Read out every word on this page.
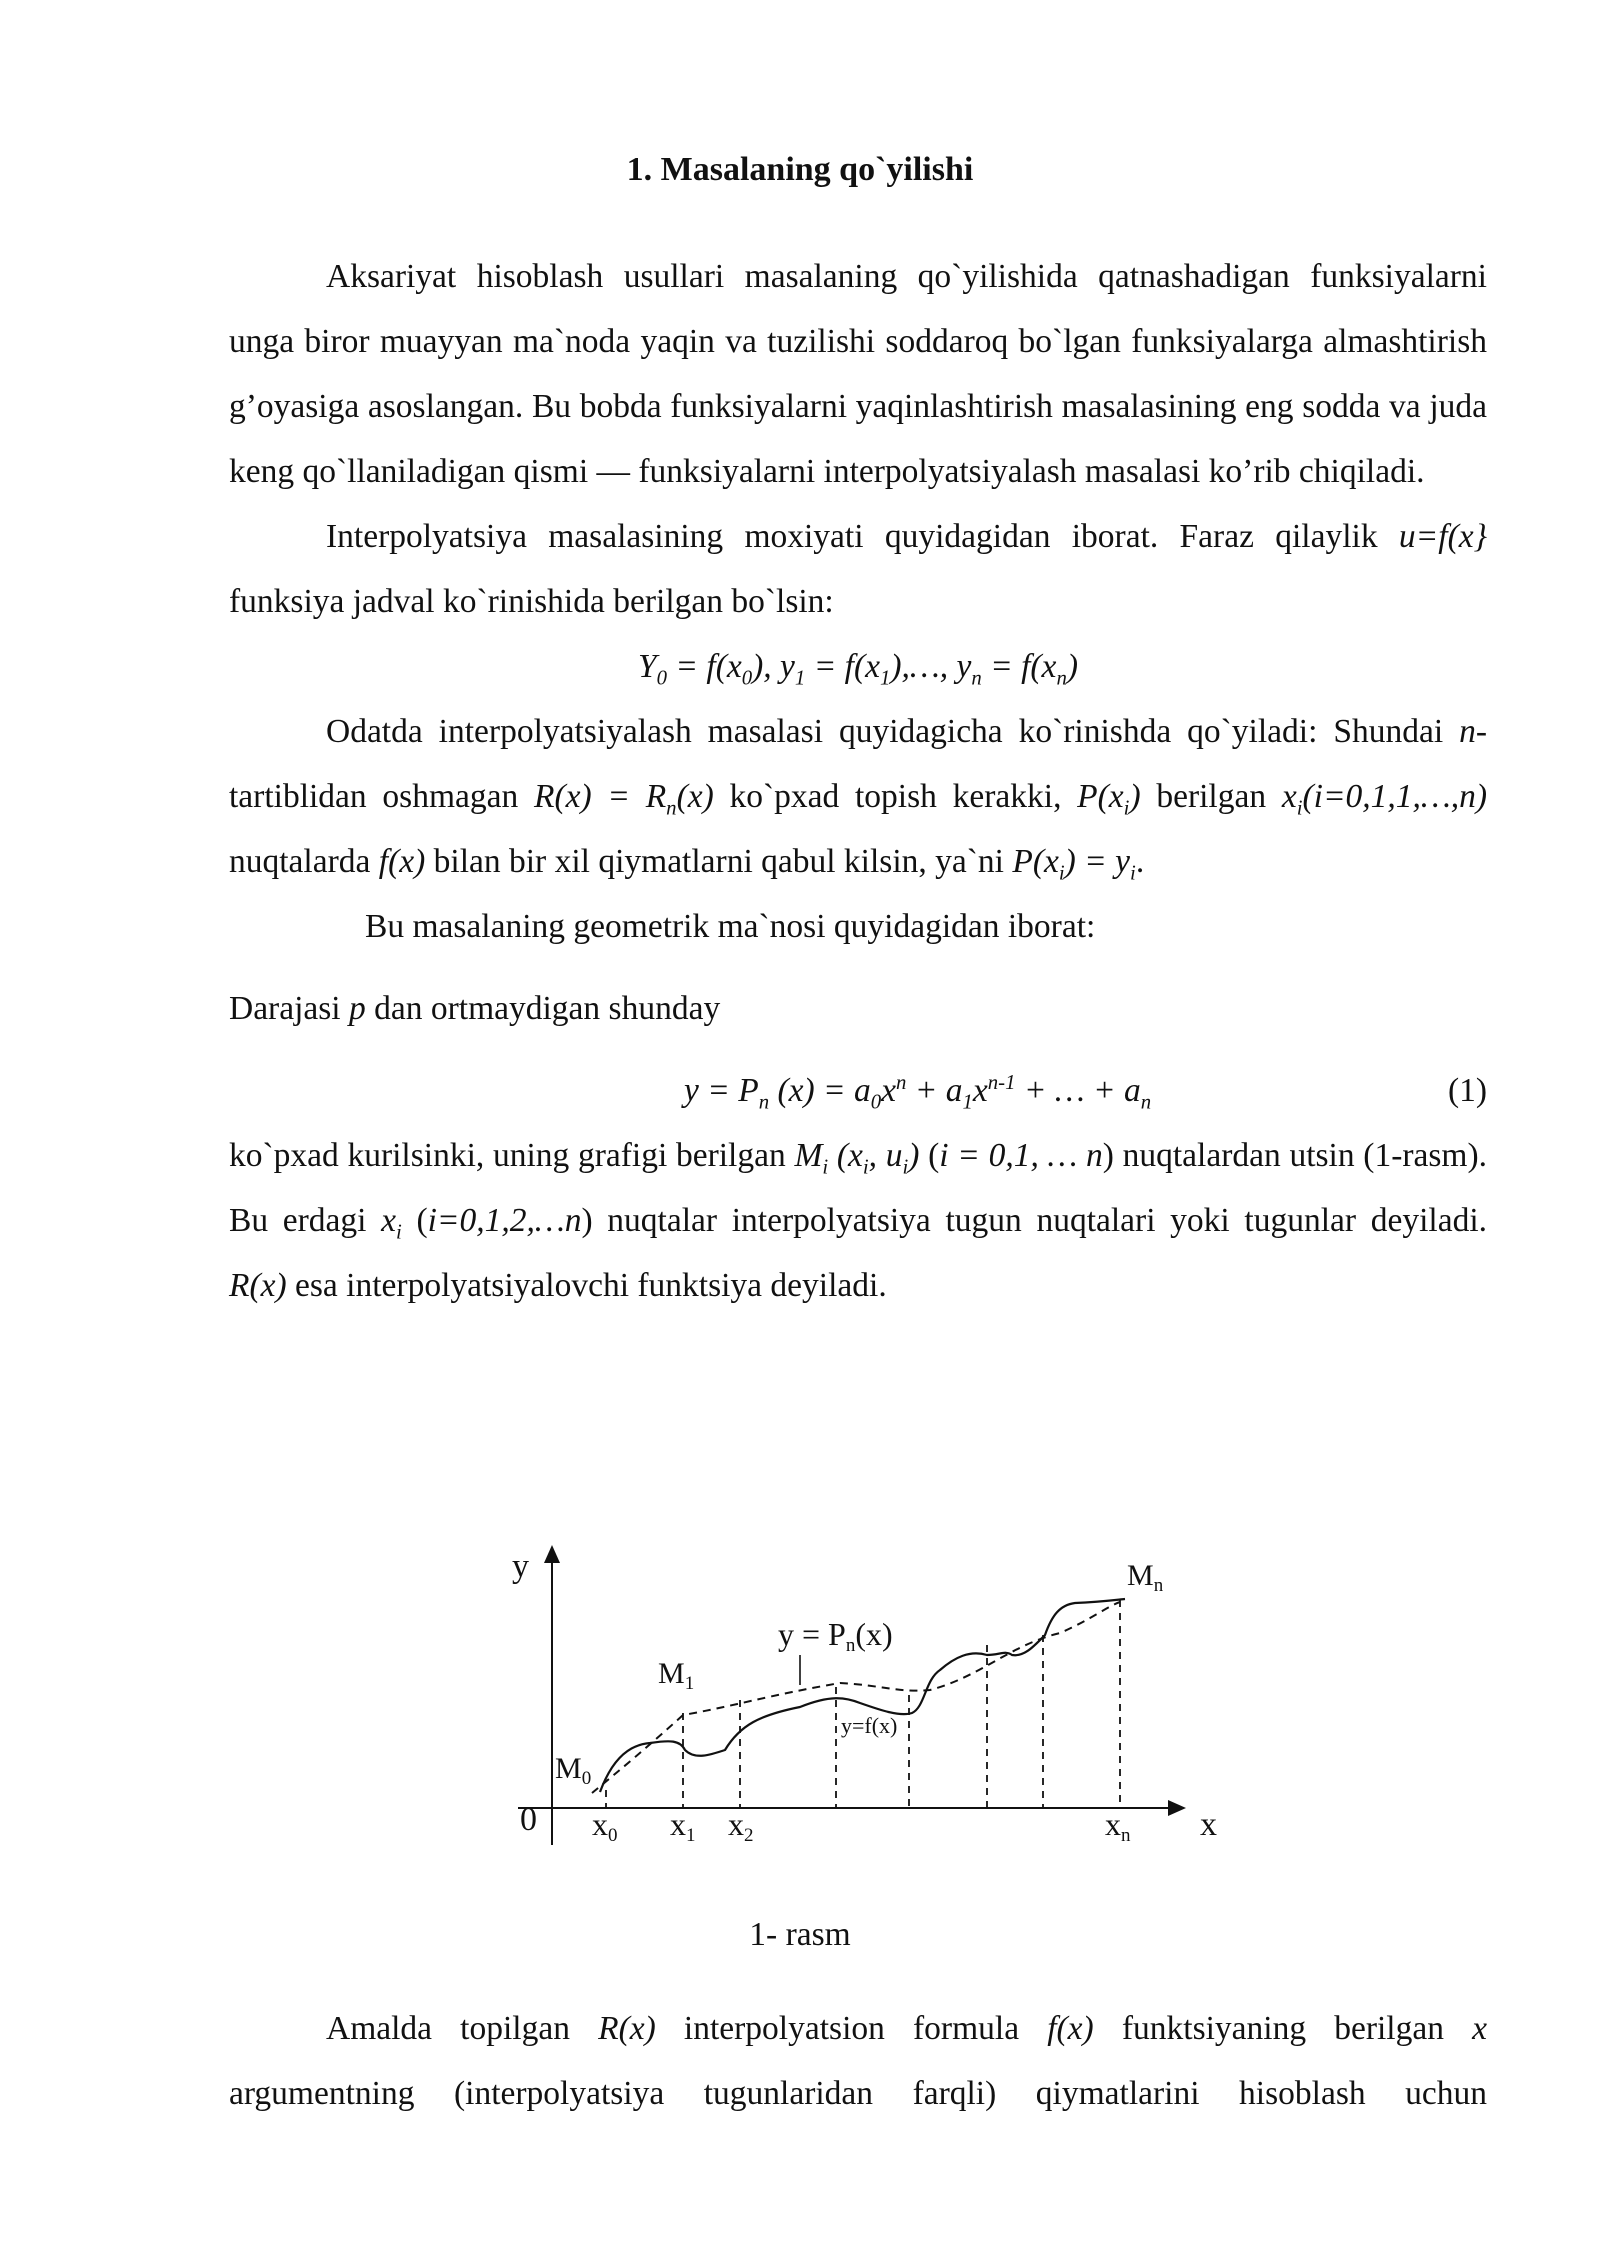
1. Masalaning qo`yilishi

Aksariyat hisoblash usullari masalaning qo`yilishida qatnashadigan funksiyalarni unga biror muayyan ma`noda yaqin va tuzilishi soddaroq bo`lgan funksiyalarga almashtirish g’oyasiga asoslangan. Bu bobda funksiyalarni yaqinlashtirish masalasining eng sodda va juda keng qo`llaniladigan qismi — funksiyalarni interpolyatsiyalash masalasi ko’rib chiqiladi.

Interpolyatsiya masalasining moxiyati quyidagidan iborat. Faraz qilaylik u=f(x} funksiya jadval ko`rinishida berilgan bo`lsin:

$Y_0 = f(x_0)$, $y_1$ = $f(x_1),\dots$, $y_n = f(x_n)$

Odatda interpolyatsiyalash masalasi quyidagicha ko`rinishda qo`yiladi: Shundai n-tartiblidan oshmagan $R(x) = R_n(x)$ ko`pxad topish kerakki, $P(x_i)$ berilgan $x_i(i=0,1,1,\dots,n)$ nuqtalarda f(x) bilan bir xil qiymatlarni qabul kilsin, ya`ni $P(x_i) = y_i$.

Bu masalaning geometrik ma`nosi quyidagidan iborat:

Darajasi p dan ortmaydigan shunday

$y = P_n$ $(x) = a_0x^n + a_1x^{n-1}$ + … + $a_n$	(1)

ko`pxad kurilsinki, uning grafigi berilgan $M_i$ ($x_i$, $u_i$) (i = 0,1, … n) nuqtalardan utsin (1-rasm). Bu erdagi $x_i$ (i=0,1,2,…n) nuqtalar interpolyatsiya tugun nuqtalari yoki tugunlar deyiladi. R(x) esa interpolyatsiyalovchi funktsiya deyiladi.

y
x
0
$M_0$
$M_1$
$M_n$
x0 x1 x2	xn
y = Pn(x)
y=f(x)
1- rasm

Amalda topilgan R(x) interpolyatsion formula f(x) funktsiyaning berilgan x argumentning (interpolyatsiya tugunlaridan farqli) qiymatlarini hisoblash uchun
